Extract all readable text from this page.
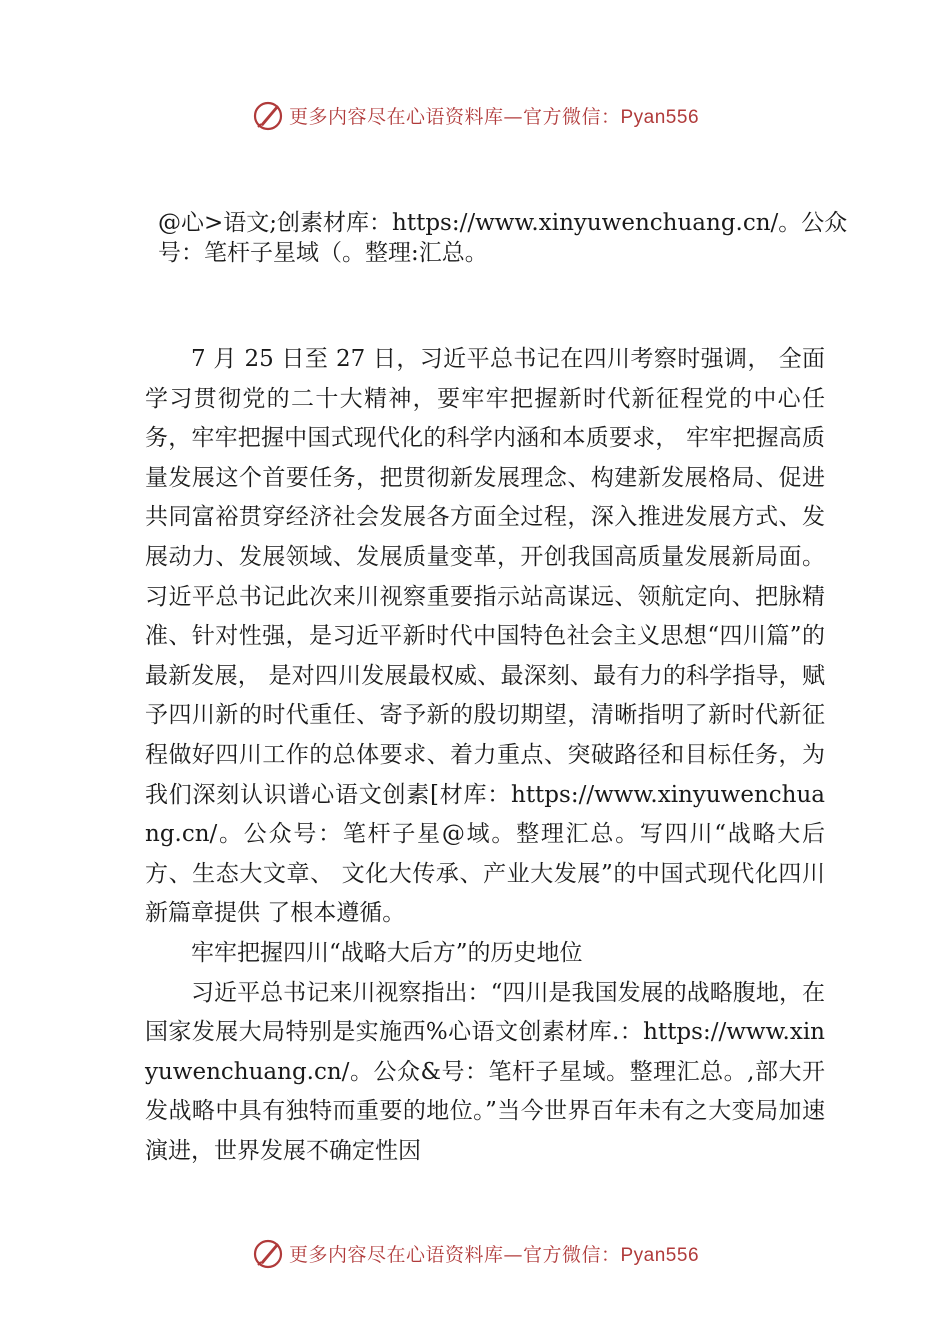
更多内容尽在心语资料库—官方微信：Pyan556

@心>语文;创素材库：https://www.xinyuwenchuang.cn/。公众号：笔杆子星域（。整理:汇总。

7 月 25 日至 27 日，习近平总书记在四川考察时强调， 全面学习贯彻党的二十大精神，要牢牢把握新时代新征程党的中心任务，牢牢把握中国式现代化的科学内涵和本质要求， 牢牢把握高质量发展这个首要任务，把贯彻新发展理念、构建新发展格局、促进共同富裕贯穿经济社会发展各方面全过程，深入推进发展方式、发展动力、发展领域、发展质量变革，开创我国高质量发展新局面。习近平总书记此次来川视察重要指示站高谋远、领航定向、把脉精准、针对性强，是习近平新时代中国特色社会主义思想“四川篇”的最新发展， 是对四川发展最权威、最深刻、最有力的科学指导，赋予四川新的时代重任、寄予新的殷切期望，清晰指明了新时代新征程做好四川工作的总体要求、着力重点、突破路径和目标任务，为我们深刻认识谱心语文创素[材库：https://www.xinyuwenchuang.cn/。公众号：笔杆子星@域。整理汇总。写四川“战略大后方、生态大文章、 文化大传承、产业大发展”的中国式现代化四川新篇章提供 了根本遵循。

牢牢把握四川“战略大后方”的历史地位

习近平总书记来川视察指出：“四川是我国发展的战略腹地，在国家发展大局特别是实施西%心语文创素材库.：https://www.xinyuwenchuang.cn/。公众&号：笔杆子星域。整理汇总。,部大开发战略中具有独特而重要的地位。”当今世界百年未有之大变局加速演进，世界发展不确定性因

更多内容尽在心语资料库—官方微信：Pyan556
